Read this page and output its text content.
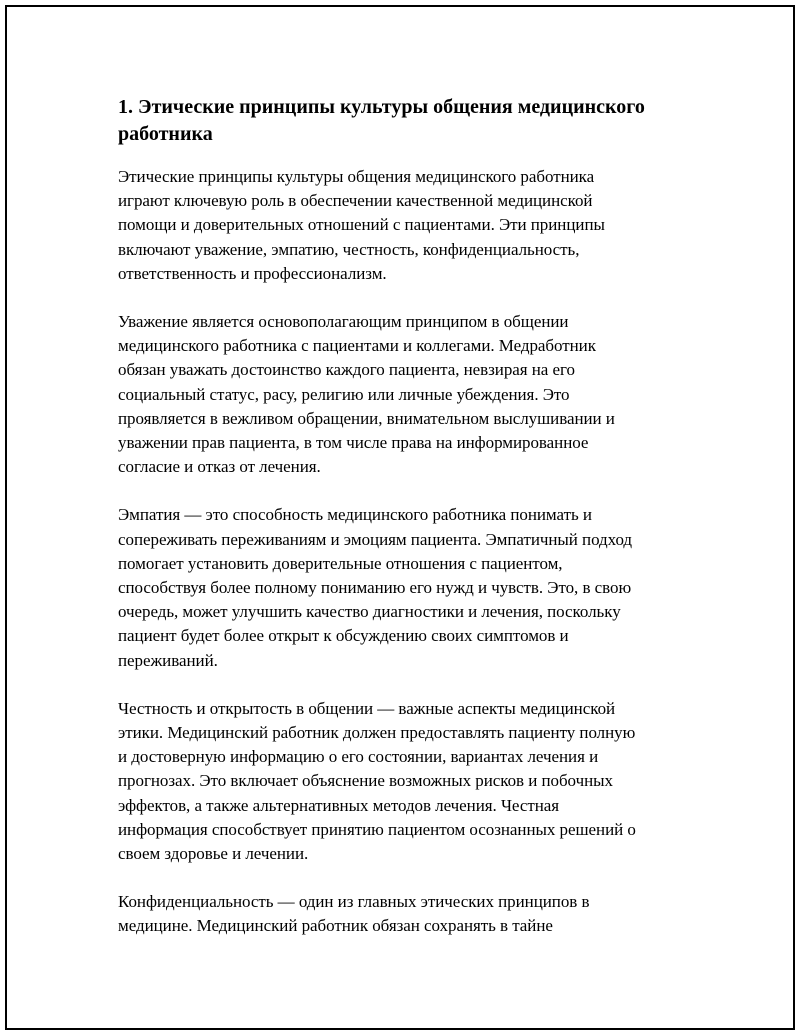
1. Этические принципы культуры общения медицинского
работника

Этические принципы культуры общения медицинского работника
играют ключевую роль в обеспечении качественной медицинской
помощи и доверительных отношений с пациентами. Эти принципы
включают уважение, эмпатию, честность, конфиденциальность,
ответственность и профессионализм.

Уважение является основополагающим принципом в общении
медицинского работника с пациентами и коллегами. Медработник
обязан уважать достоинство каждого пациента, невзирая на его
социальный статус, расу, религию или личные убеждения. Это
проявляется в вежливом обращении, внимательном выслушивании и
уважении прав пациента, в том числе права на информированное
согласие и отказ от лечения.

Эмпатия — это способность медицинского работника понимать и
сопереживать переживаниям и эмоциям пациента. Эмпатичный подход
помогает установить доверительные отношения с пациентом,
способствуя более полному пониманию его нужд и чувств. Это, в свою
очередь, может улучшить качество диагностики и лечения, поскольку
пациент будет более открыт к обсуждению своих симптомов и
переживаний.

Честность и открытость в общении — важные аспекты медицинской
этики. Медицинский работник должен предоставлять пациенту полную
и достоверную информацию о его состоянии, вариантах лечения и
прогнозах. Это включает объяснение возможных рисков и побочных
эффектов, а также альтернативных методов лечения. Честная
информация способствует принятию пациентом осознанных решений о
своем здоровье и лечении.

Конфиденциальность — один из главных этических принципов в
медицине. Медицинский работник обязан сохранять в тайне
